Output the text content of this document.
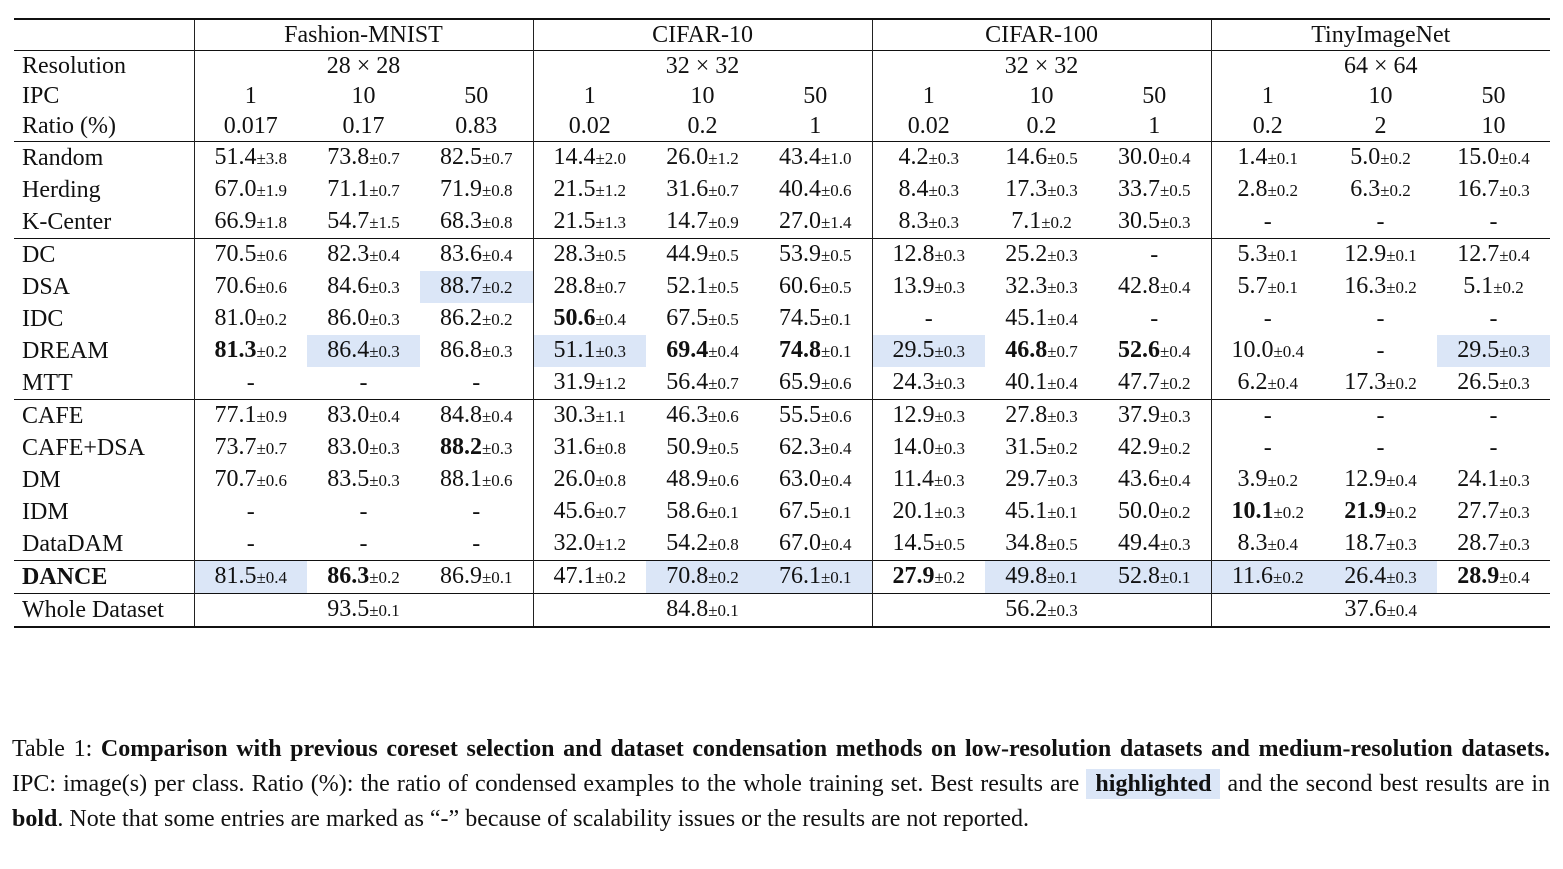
	Fashion-MNIST			CIFAR-10			CIFAR-100			TinyImageNet		
Resolution	28 × 28			32 × 32			32 × 32			64 × 64		
IPC	1	10	50	1	10	50	1	10	50	1	10	50
Ratio (%)	0.017	0.17	0.83	0.02	0.2	1	0.02	0.2	1	0.2	2	10
Random	51.4±3.8	73.8±0.7	82.5±0.7	14.4±2.0	26.0±1.2	43.4±1.0	4.2±0.3	14.6±0.5	30.0±0.4	1.4±0.1	5.0±0.2	15.0±0.4
Herding	67.0±1.9	71.1±0.7	71.9±0.8	21.5±1.2	31.6±0.7	40.4±0.6	8.4±0.3	17.3±0.3	33.7±0.5	2.8±0.2	6.3±0.2	16.7±0.3
K-Center	66.9±1.8	54.7±1.5	68.3±0.8	21.5±1.3	14.7±0.9	27.0±1.4	8.3±0.3	7.1±0.2	30.5±0.3	-	-	-
DC	70.5±0.6	82.3±0.4	83.6±0.4	28.3±0.5	44.9±0.5	53.9±0.5	12.8±0.3	25.2±0.3	-	5.3±0.1	12.9±0.1	12.7±0.4
DSA	70.6±0.6	84.6±0.3	88.7±0.2	28.8±0.7	52.1±0.5	60.6±0.5	13.9±0.3	32.3±0.3	42.8±0.4	5.7±0.1	16.3±0.2	5.1±0.2
IDC	81.0±0.2	86.0±0.3	86.2±0.2	50.6±0.4	67.5±0.5	74.5±0.1	-	45.1±0.4	-	-	-	-
DREAM	81.3±0.2	86.4±0.3	86.8±0.3	51.1±0.3	69.4±0.4	74.8±0.1	29.5±0.3	46.8±0.7	52.6±0.4	10.0±0.4	-	29.5±0.3
MTT	-	-	-	31.9±1.2	56.4±0.7	65.9±0.6	24.3±0.3	40.1±0.4	47.7±0.2	6.2±0.4	17.3±0.2	26.5±0.3
CAFE	77.1±0.9	83.0±0.4	84.8±0.4	30.3±1.1	46.3±0.6	55.5±0.6	12.9±0.3	27.8±0.3	37.9±0.3	-	-	-
CAFE+DSA	73.7±0.7	83.0±0.3	88.2±0.3	31.6±0.8	50.9±0.5	62.3±0.4	14.0±0.3	31.5±0.2	42.9±0.2	-	-	-
DM	70.7±0.6	83.5±0.3	88.1±0.6	26.0±0.8	48.9±0.6	63.0±0.4	11.4±0.3	29.7±0.3	43.6±0.4	3.9±0.2	12.9±0.4	24.1±0.3
IDM	-	-	-	45.6±0.7	58.6±0.1	67.5±0.1	20.1±0.3	45.1±0.1	50.0±0.2	10.1±0.2	21.9±0.2	27.7±0.3
DataDAM	-	-	-	32.0±1.2	54.2±0.8	67.0±0.4	14.5±0.5	34.8±0.5	49.4±0.3	8.3±0.4	18.7±0.3	28.7±0.3
DANCE	81.5±0.4	86.3±0.2	86.9±0.1	47.1±0.2	70.8±0.2	76.1±0.1	27.9±0.2	49.8±0.1	52.8±0.1	11.6±0.2	26.4±0.3	28.9±0.4
Whole Dataset	93.5±0.1			84.8±0.1			56.2±0.3			37.6±0.4		

Table 1: Comparison with previous coreset selection and dataset condensation methods on low-resolution datasets and medium-resolution datasets. IPC: image(s) per class. Ratio (%): the ratio of condensed examples to the whole training set. Best results are highlighted and the second best results are in bold. Note that some entries are marked as “-” because of scalability issues or the results are not reported.
